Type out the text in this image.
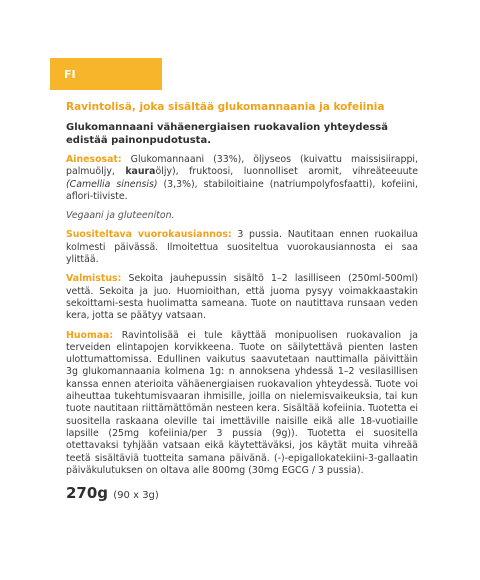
FI
Ravintolisä, joka sisältää glukomannaania ja kofeiinia
Glukomannaani vähäenergiaisen ruokavalion yhteydessä edistää painonpudotusta.

Ainesosat: Glukomannaani (33%), öljyseos (kuivattu maissisiirappi, palmuöljy, kauraöljy), fruktoosi, luonnolliset aromit, vihreäteeuute (Camellia sinensis) (3,3%), stabiloitiaine (natriumpolyfosfaatti), kofeiini, aflori-tiiviste.

Vegaani ja gluteeniton.

Suositeltava vuorokausiannos: 3 pussia. Nautitaan ennen ruokailua kolmesti päivässä. Ilmoitettua suositeltua vuorokausiannosta ei saa ylittää.

Valmistus: Sekoita jauhepussin sisältö 1–2 lasilliseen (250ml-500ml) vettä. Sekoita ja juo. Huomioithan, että juoma pysyy voimakkaastakin sekoittami-sesta huolimatta sameana. Tuote on nautittava runsaan veden kera, jotta se päätyy vatsaan.

Huomaa: Ravintolisää ei tule käyttää monipuolisen ruokavalion ja terveiden elintapojen korvikkeena. Tuote on säilytettävä pienten lasten ulottumattomissa. Edullinen vaikutus saavutetaan nauttimalla päivittäin 3g glukomannaania kolmena 1g: n annoksena yhdessä 1–2 vesilasillisen kanssa ennen aterioita vähäenergiaisen ruokavalion yhteydessä. Tuote voi aiheuttaa tukehtumisvaaran ihmisille, joilla on nielemisvaikeuksia, tai kun tuote nautitaan riittämättömän nesteen kera. Sisältää kofeiinia. Tuotetta ei suositella raskaana oleville tai imettäville naisille eikä alle 18-vuotiaille lapsille (25mg kofeiinia/per 3 pussia (9g)). Tuotetta ei suositella otettavaksi tyhjään vatsaan eikä käytettäväksi, jos käytät muita vihreää teetä sisältäviä tuotteita samana päivänä. (-)-epigallokatekiini-3-gallaatin päiväkulutuksen on oltava alle 800mg (30mg EGCG / 3 pussia).

270g (90 x 3g)
